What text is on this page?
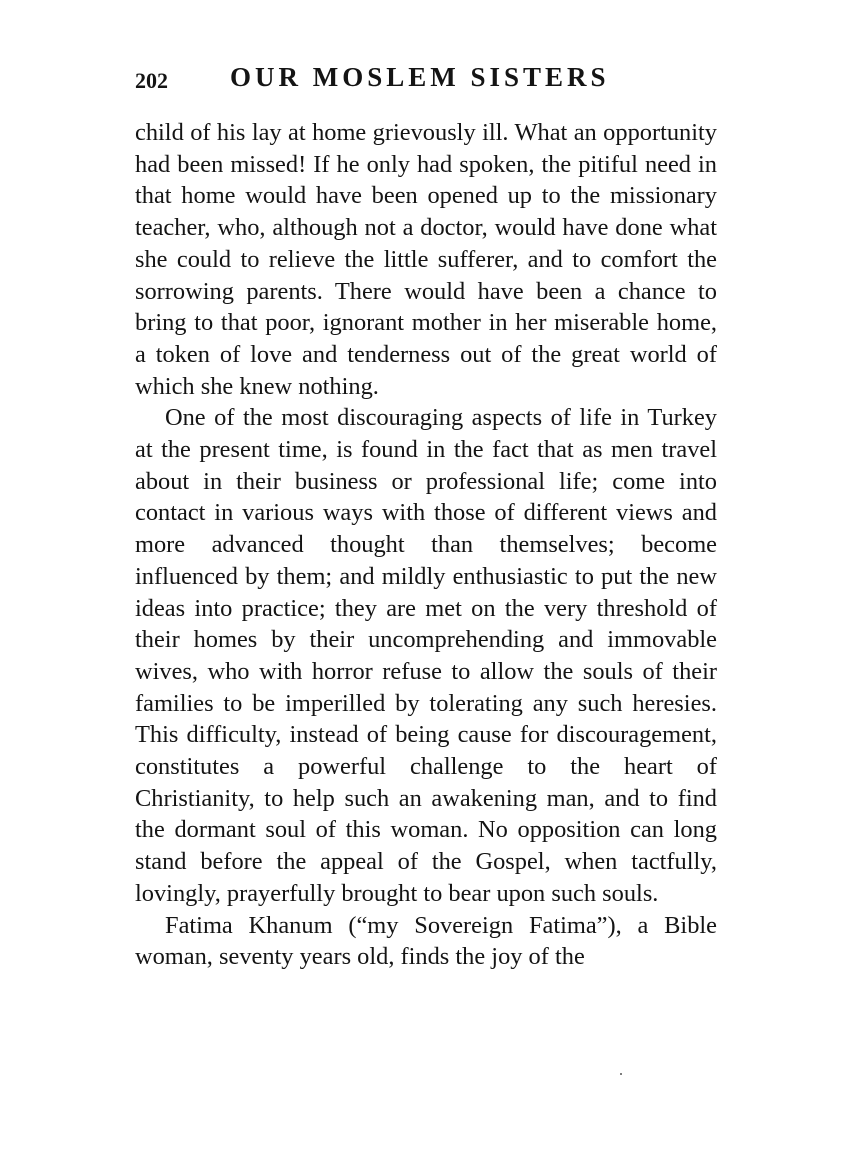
202 OUR MOSLEM SISTERS

child of his lay at home grievously ill. What an opportunity had been missed! If he only had spoken, the pitiful need in that home would have been opened up to the missionary teacher, who, although not a doctor, would have done what she could to relieve the little sufferer, and to comfort the sorrowing parents. There would have been a chance to bring to that poor, ignorant mother in her miserable home, a token of love and tenderness out of the great world of which she knew nothing.

One of the most discouraging aspects of life in Turkey at the present time, is found in the fact that as men travel about in their business or professional life; come into contact in various ways with those of different views and more advanced thought than themselves; become influenced by them; and mildly enthusiastic to put the new ideas into practice; they are met on the very threshold of their homes by their uncomprehending and immovable wives, who with horror refuse to allow the souls of their families to be imperilled by tolerating any such heresies. This difficulty, instead of being cause for discouragement, constitutes a powerful challenge to the heart of Christianity, to help such an awakening man, and to find the dormant soul of this woman. No opposition can long stand before the appeal of the Gospel, when tactfully, lovingly, prayerfully brought to bear upon such souls.

Fatima Khanum (“my Sovereign Fatima”), a Bible woman, seventy years old, finds the joy of the
